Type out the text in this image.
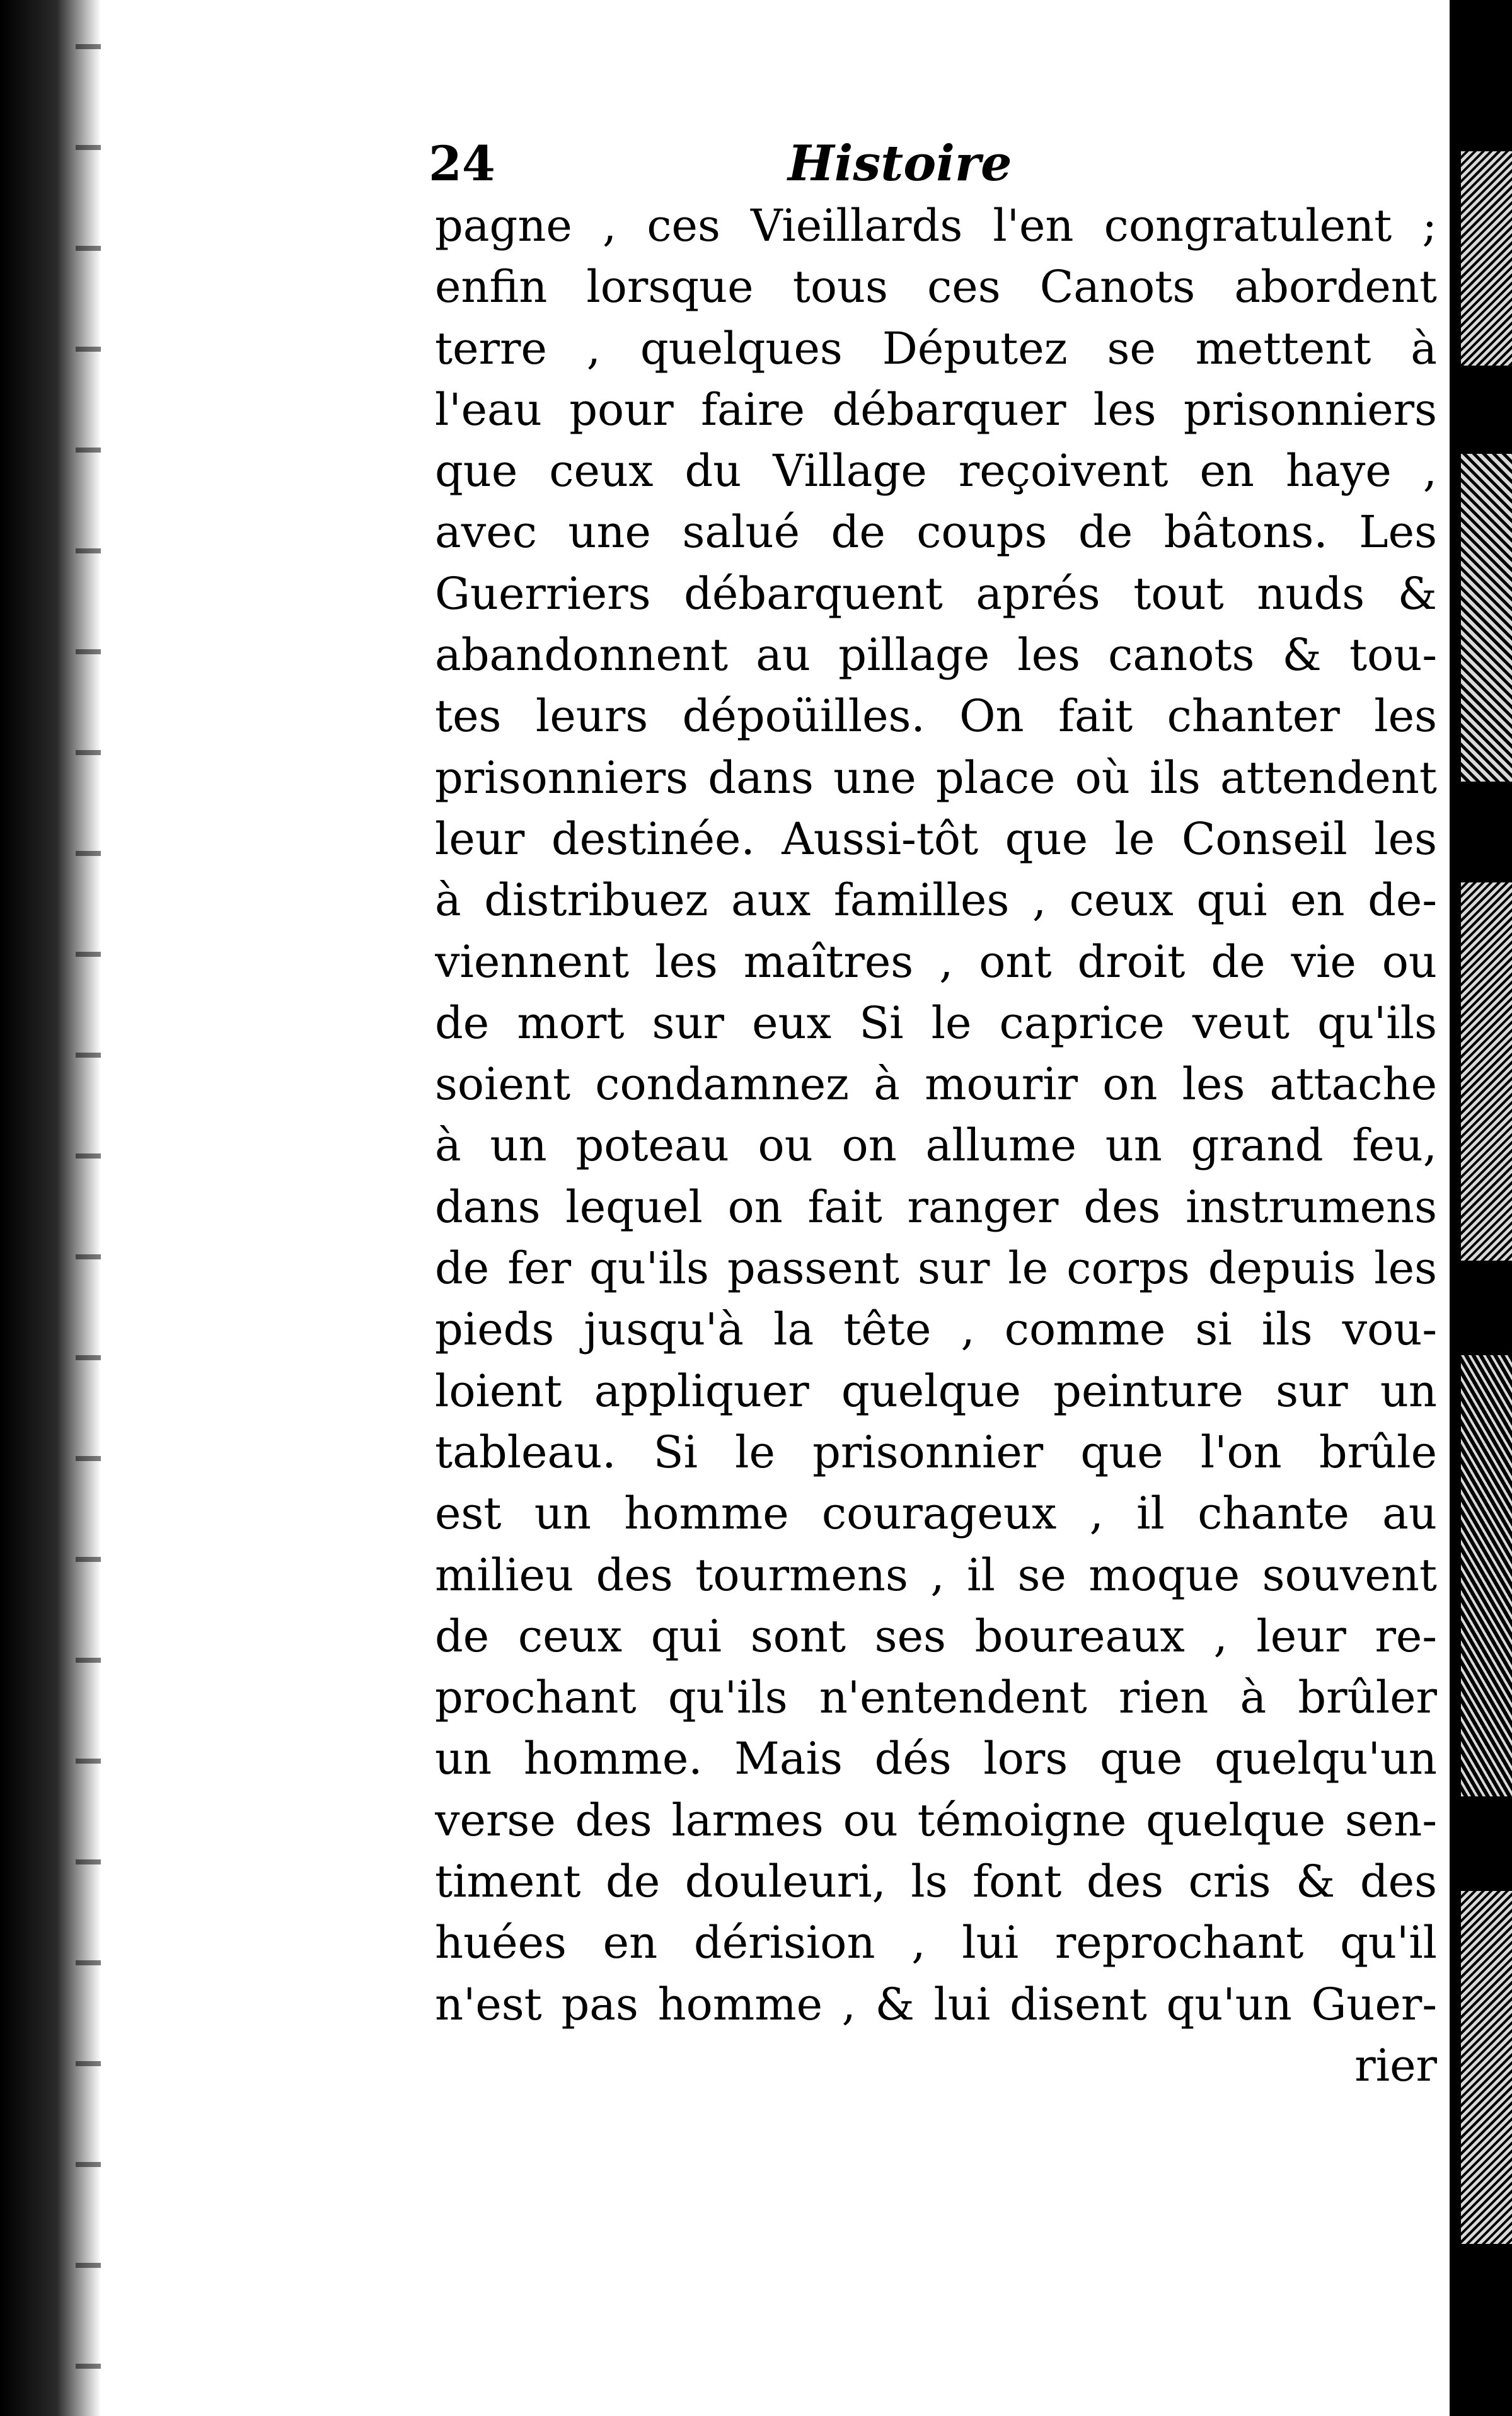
24	Histoire
pagne , ces Vieillards l'en congratulent ;
enfin lorsque tous ces Canots abordent
terre , quelques Députez se mettent à
l'eau pour faire débarquer les prisonniers
que ceux du Village reçoivent en haye ,
avec une salué de coups de bâtons. Les
Guerriers débarquent aprés tout nuds &
abandonnent au pillage les canots & tou-
tes leurs dépoüilles. On fait chanter les
prisonniers dans une place où ils attendent
leur destinée. Aussi-tôt que le Conseil les
à distribuez aux familles , ceux qui en de-
viennent les maîtres , ont droit de vie ou
de mort sur eux Si le caprice veut qu'ils
soient condamnez à mourir on les attache
à un poteau ou on allume un grand feu,
dans lequel on fait ranger des instrumens
de fer qu'ils passent sur le corps depuis les
pieds jusqu'à la tête , comme si ils vou-
loient appliquer quelque peinture sur un
tableau. Si le prisonnier que l'on brûle
est un homme courageux , il chante au
milieu des tourmens , il se moque souvent
de ceux qui sont ses boureaux , leur re-
prochant qu'ils n'entendent rien à brûler
un homme. Mais dés lors que quelqu'un
verse des larmes ou témoigne quelque sen-
timent de douleuri, ls font des cris & des
huées en dérision , lui reprochant qu'il
n'est pas homme , & lui disent qu'un Guer-
rier
